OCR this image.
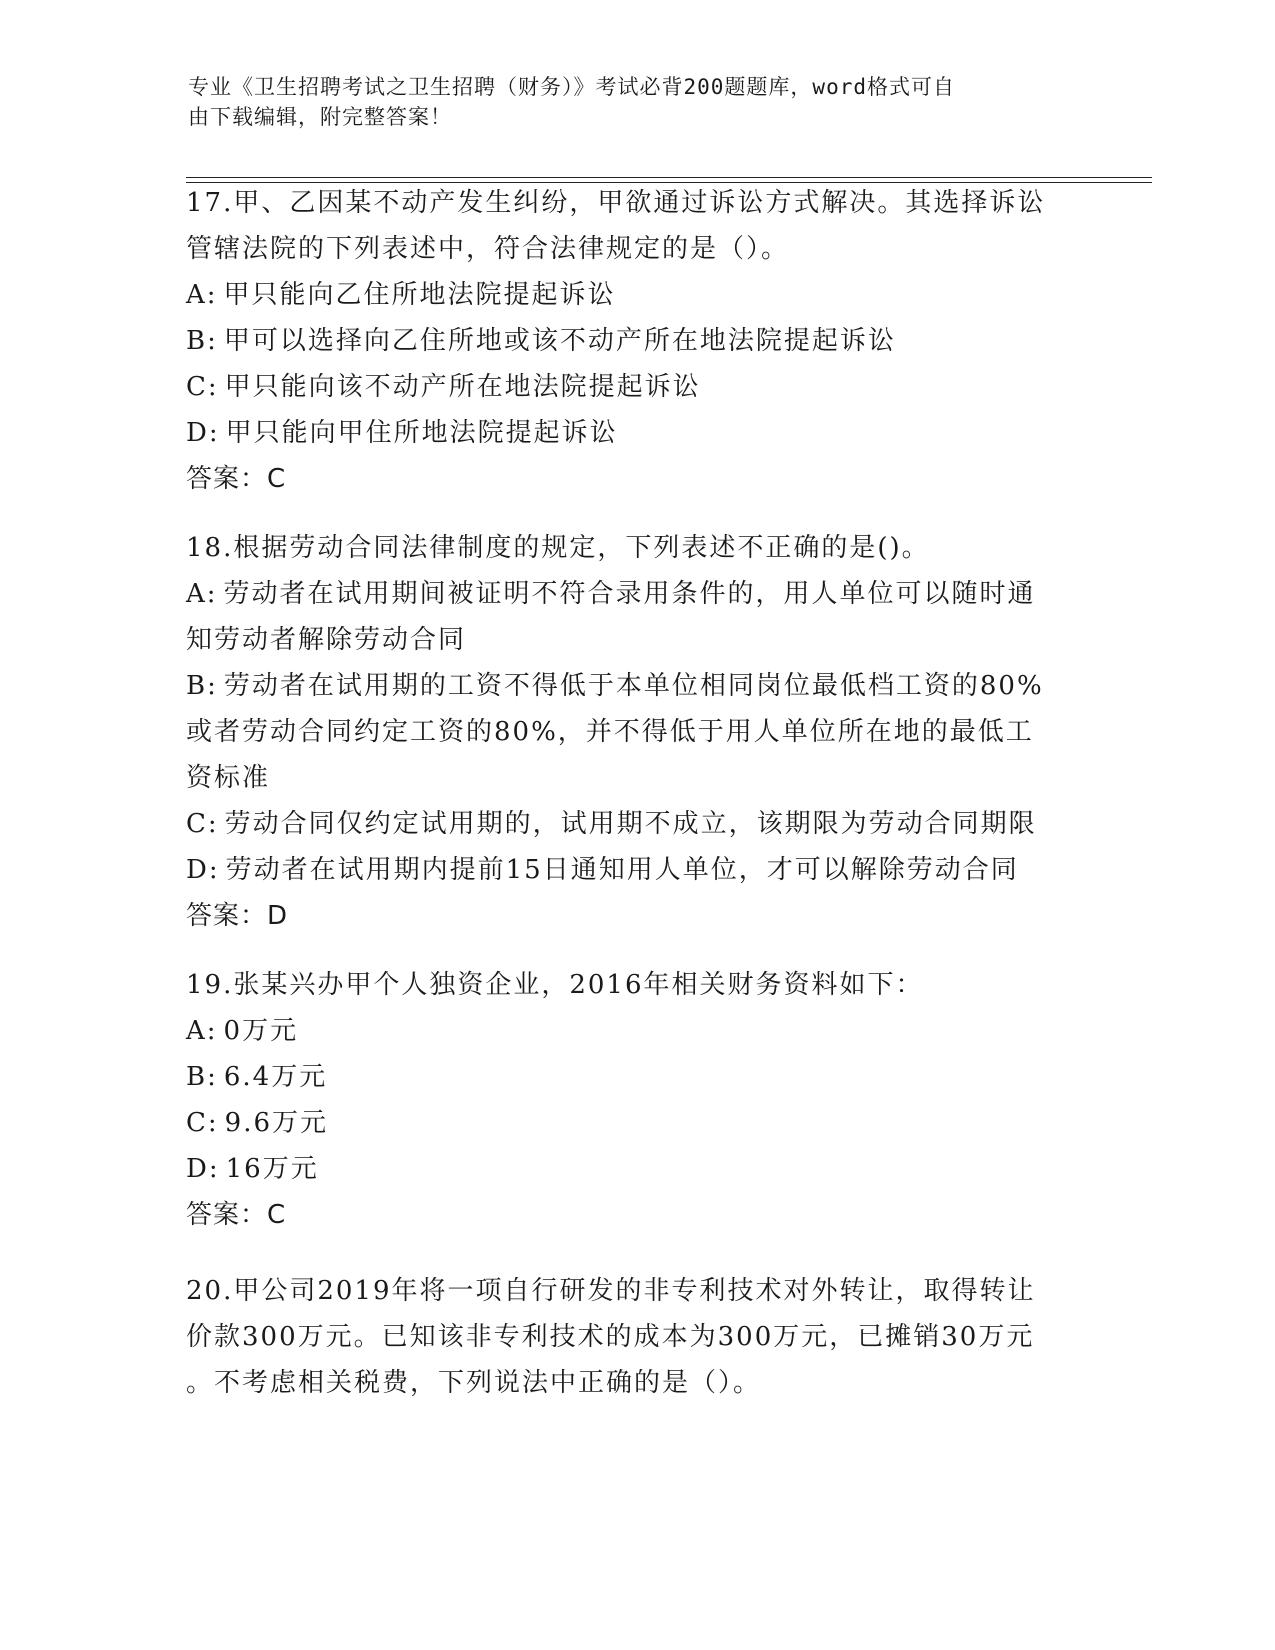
专业《卫生招聘考试之卫生招聘（财务）》考试必背200题题库，word格式可自
由下载编辑，附完整答案！
17.甲、乙因某不动产发生纠纷，甲欲通过诉讼方式解决。其选择诉讼
管辖法院的下列表述中，符合法律规定的是（）。
A: 甲只能向乙住所地法院提起诉讼
B: 甲可以选择向乙住所地或该不动产所在地法院提起诉讼
C: 甲只能向该不动产所在地法院提起诉讼
D: 甲只能向甲住所地法院提起诉讼
答案：C
18.根据劳动合同法律制度的规定，下列表述不正确的是()。
A: 劳动者在试用期间被证明不符合录用条件的，用人单位可以随时通
知劳动者解除劳动合同
B: 劳动者在试用期的工资不得低于本单位相同岗位最低档工资的80%
或者劳动合同约定工资的80%，并不得低于用人单位所在地的最低工
资标准
C: 劳动合同仅约定试用期的，试用期不成立，该期限为劳动合同期限
D: 劳动者在试用期内提前15日通知用人单位，才可以解除劳动合同
答案：D
19.张某兴办甲个人独资企业，2016年相关财务资料如下：
A: 0万元
B: 6.4万元
C: 9.6万元
D: 16万元
答案：C
20.甲公司2019年将一项自行研发的非专利技术对外转让，取得转让
价款300万元。已知该非专利技术的成本为300万元，已摊销30万元
。不考虑相关税费，下列说法中正确的是（）。
